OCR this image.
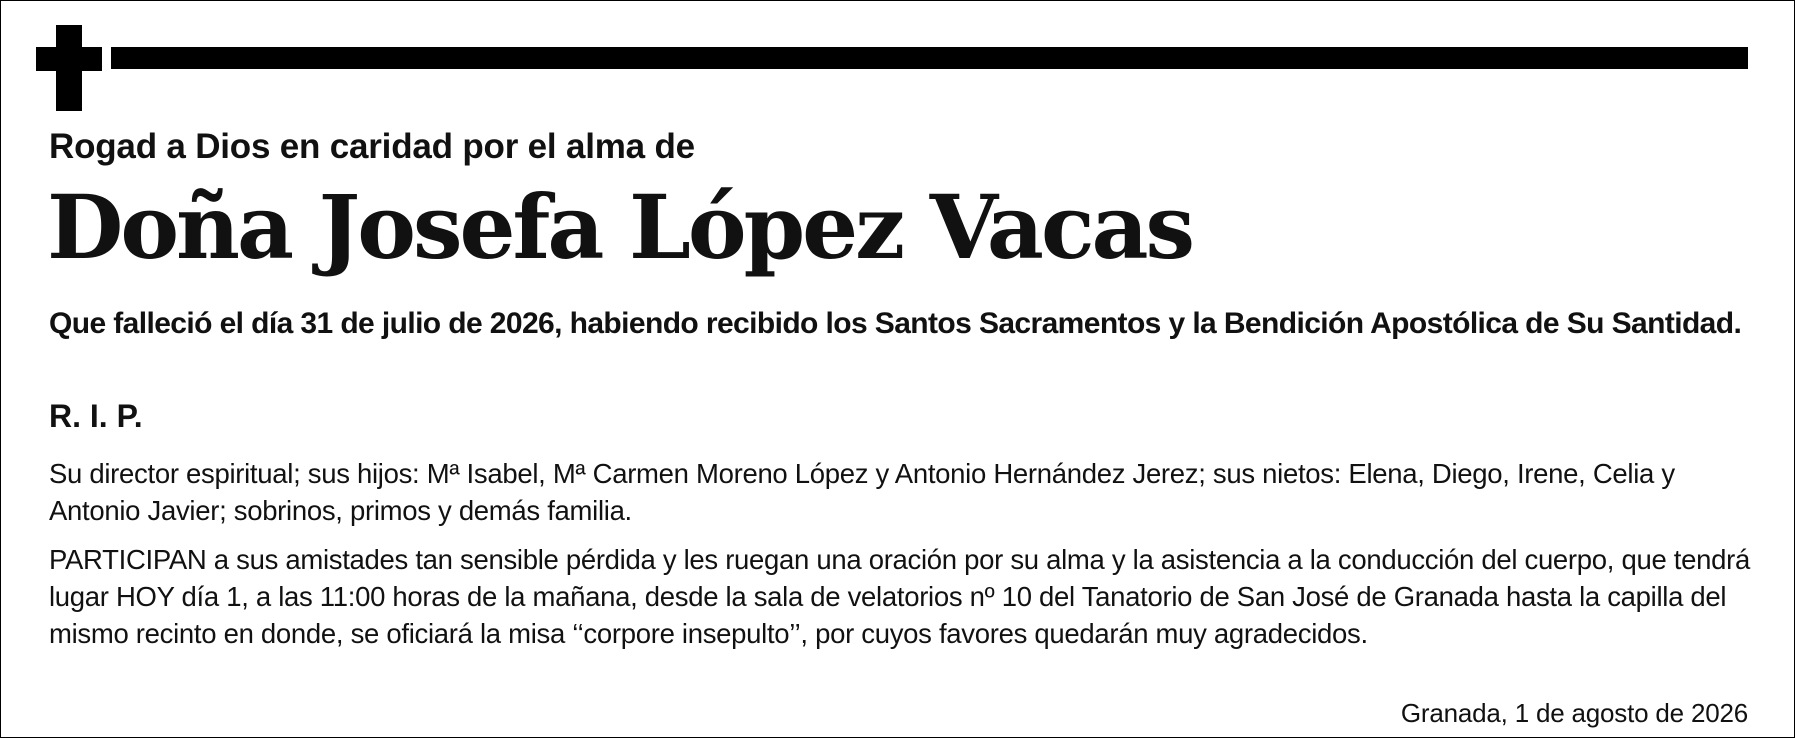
Rogad a Dios en caridad por el alma de
Doña Josefa López Vacas
Que falleció el día 31 de julio de 2026, habiendo recibido los Santos Sacramentos y la Bendición Apostólica de Su Santidad.
R. I. P.
Su director espiritual; sus hijos: Mª Isabel, Mª Carmen Moreno López y Antonio Hernández Jerez; sus nietos: Elena, Diego, Irene, Celia y Antonio Javier; sobrinos, primos y demás familia.
PARTICIPAN a sus amistades tan sensible pérdida y les ruegan una oración por su alma y la asistencia a la conducción del cuerpo, que tendrá lugar HOY día 1, a las 11:00 horas de la mañana, desde la sala de velatorios nº 10 del Tanatorio de San José de Granada hasta la capilla del mismo recinto en donde, se oficiará la misa ‘‘corpore insepulto’’, por cuyos favores quedarán muy agradecidos.
Granada, 1 de agosto de 2026
